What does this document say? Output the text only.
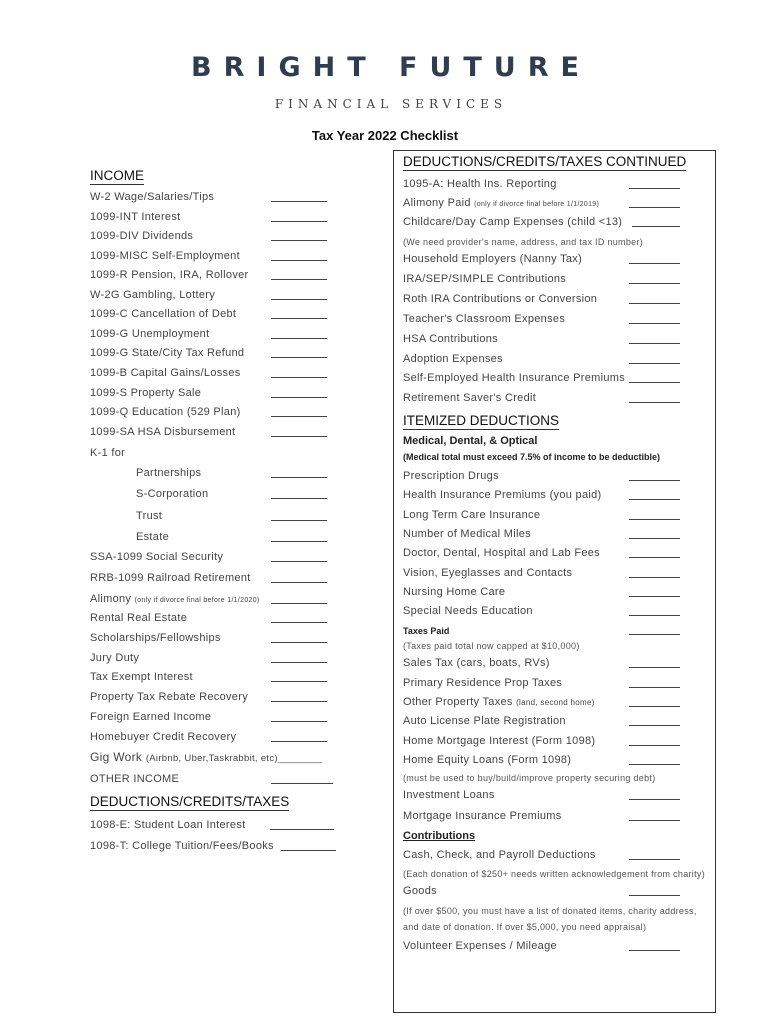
BRIGHT FUTURE
FINANCIAL SERVICES
Tax Year 2022 Checklist
INCOME
W-2 Wage/Salaries/Tips
1099-INT Interest
1099-DIV Dividends
1099-MISC Self-Employment
1099-R Pension, IRA, Rollover
W-2G Gambling, Lottery
1099-C Cancellation of Debt
1099-G Unemployment
1099-G State/City Tax Refund
1099-B Capital Gains/Losses
1099-S Property Sale
1099-Q Education (529 Plan)
1099-SA HSA Disbursement
K-1 for
Partnerships
S-Corporation
Trust
Estate
SSA-1099 Social Security
RRB-1099 Railroad Retirement
Alimony (only if divorce final before 1/1/2020)
Rental Real Estate
Scholarships/Fellowships
Jury Duty
Tax Exempt Interest
Property Tax Rebate Recovery
Foreign Earned Income
Homebuyer Credit Recovery
Gig Work (Airbnb, Uber,Taskrabbit, etc)________
OTHER INCOME
DEDUCTIONS/CREDITS/TAXES
1098-E: Student Loan Interest
1098-T: College Tuition/Fees/Books
DEDUCTIONS/CREDITS/TAXES CONTINUED
1095-A: Health Ins. Reporting
Alimony Paid (only if divorce final before 1/1/2019)
Childcare/Day Camp Expenses (child <13)
(We need provider's name, address, and tax ID number)
Household Employers (Nanny Tax)
IRA/SEP/SIMPLE Contributions
Roth IRA Contributions or Conversion
Teacher's Classroom Expenses
HSA Contributions
Adoption Expenses
Self-Employed Health Insurance Premiums
Retirement Saver's Credit
ITEMIZED DEDUCTIONS
Medical, Dental, & Optical
(Medical total must exceed 7.5% of income to be deductible)
Prescription Drugs
Health Insurance Premiums (you paid)
Long Term Care Insurance
Number of Medical Miles
Doctor, Dental, Hospital and Lab Fees
Vision, Eyeglasses and Contacts
Nursing Home Care
Special Needs Education
Taxes Paid
(Taxes paid total now capped at $10,000)
Sales Tax (cars, boats, RVs)
Primary Residence Prop Taxes
Other Property Taxes (land, second home)
Auto License Plate Registration
Home Mortgage Interest (Form 1098)
Home Equity Loans (Form 1098)
(must be used to buy/build/improve property securing debt)
Investment Loans
Mortgage Insurance Premiums
Contributions
Cash, Check, and Payroll Deductions
(Each donation of $250+ needs written acknowledgement from charity)
Goods
(If over $500, you must have a list of donated items, charity address,
and date of donation. If over $5,000, you need appraisal)
Volunteer Expenses / Mileage
